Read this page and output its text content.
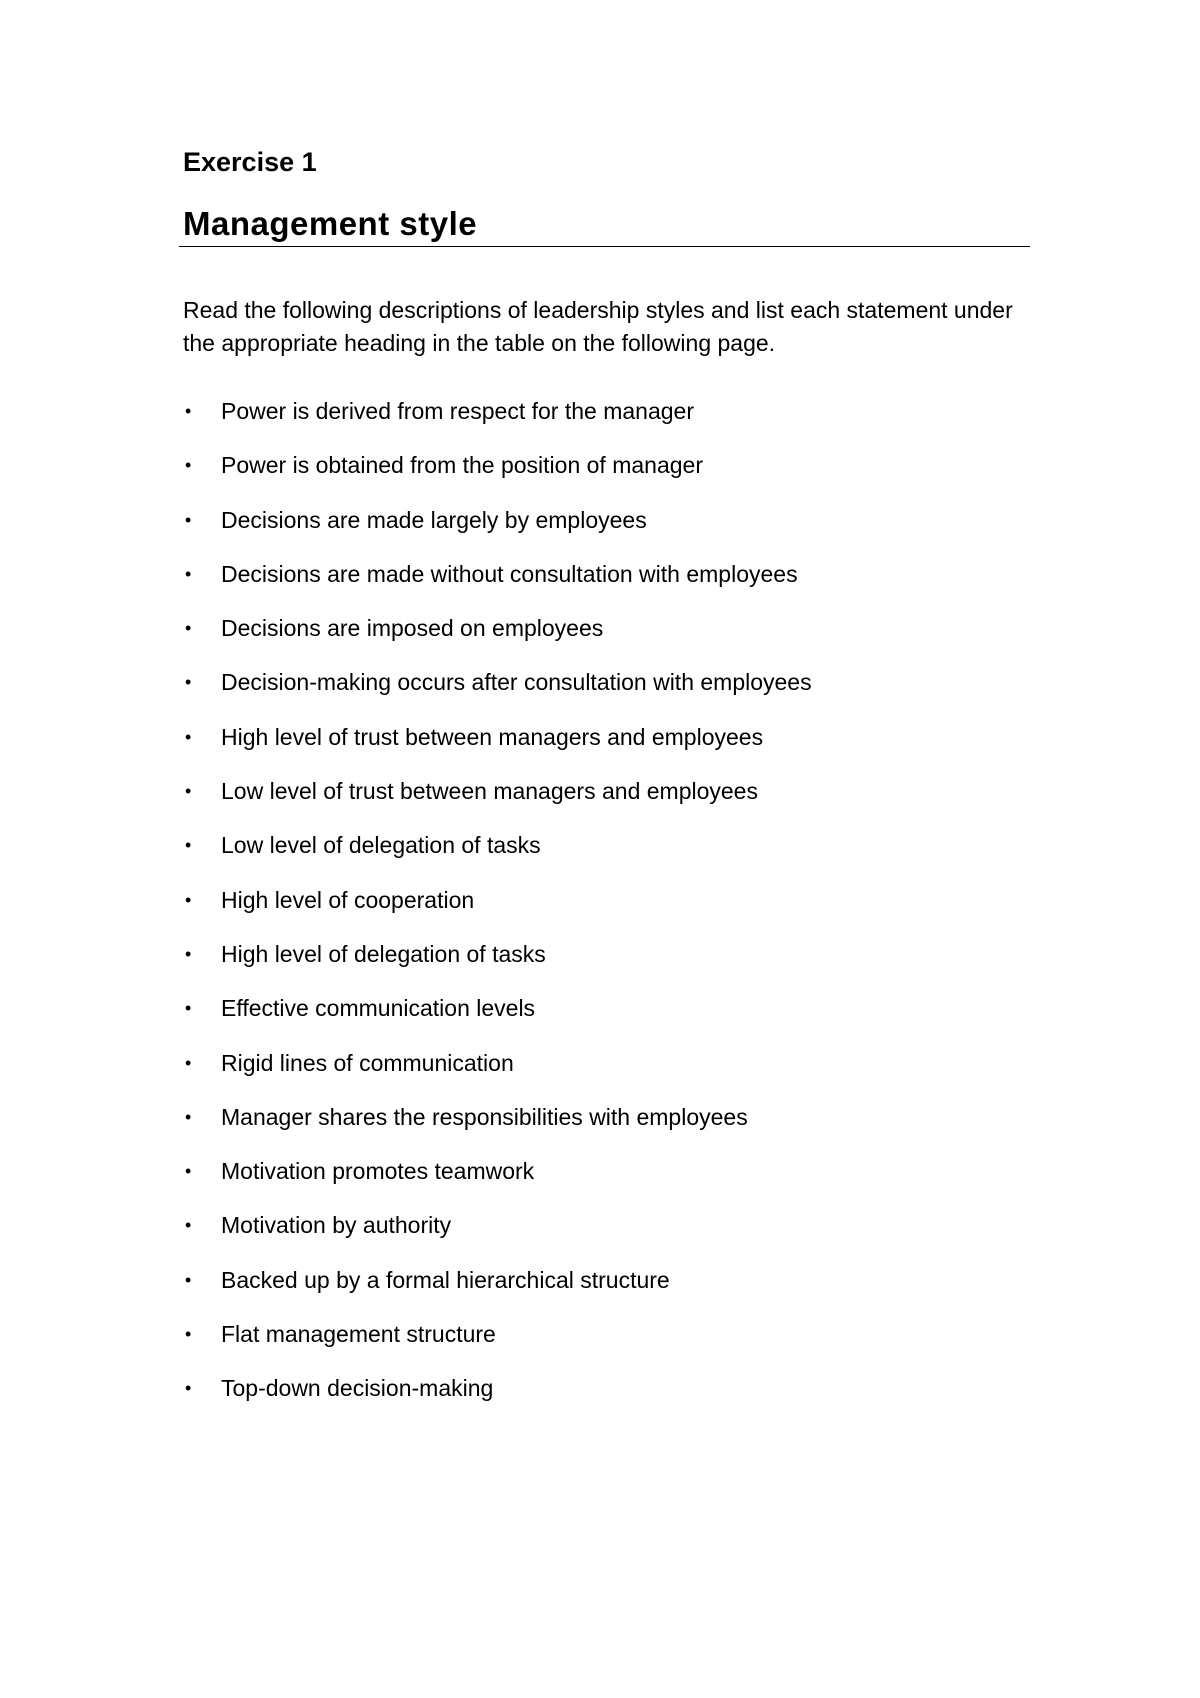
Exercise 1
Management style

Read the following descriptions of leadership styles and list each statement under the appropriate heading in the table on the following page.

•	Power is derived from respect for the manager
•	Power is obtained from the position of manager
•	Decisions are made largely by employees
•	Decisions are made without consultation with employees
•	Decisions are imposed on employees
•	Decision-making occurs after consultation with employees
•	High level of trust between managers and employees
•	Low level of trust between managers and employees
•	Low level of delegation of tasks
•	High level of cooperation
•	High level of delegation of tasks
•	Effective communication levels
•	Rigid lines of communication
•	Manager shares the responsibilities with employees
•	Motivation promotes teamwork
•	Motivation by authority
•	Backed up by a formal hierarchical structure
•	Flat management structure
•	Top-down decision-making
